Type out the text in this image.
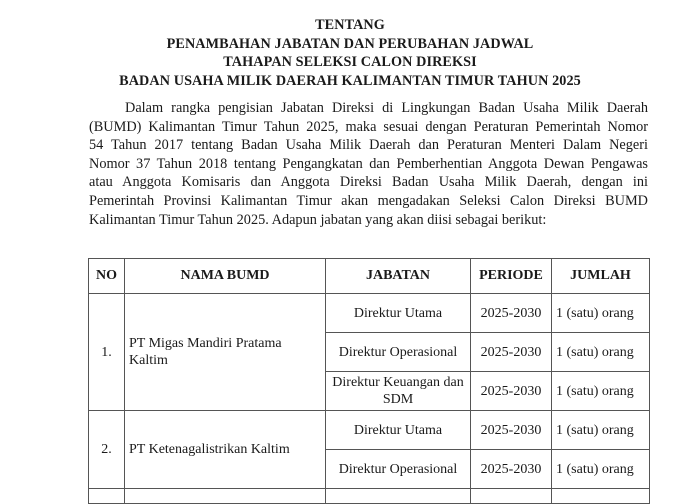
TENTANG
PENAMBAHAN JABATAN DAN PERUBAHAN JADWAL
TAHAPAN SELEKSI CALON DIREKSI
BADAN USAHA MILIK DAERAH KALIMANTAN TIMUR TAHUN 2025
Dalam rangka pengisian Jabatan Direksi di Lingkungan Badan Usaha Milik Daerah
(BUMD) Kalimantan Timur Tahun 2025, maka sesuai dengan Peraturan Pemerintah Nomor
54 Tahun 2017 tentang Badan Usaha Milik Daerah dan Peraturan Menteri Dalam Negeri
Nomor 37 Tahun 2018 tentang Pengangkatan dan Pemberhentian Anggota Dewan Pengawas
atau Anggota Komisaris dan Anggota Direksi Badan Usaha Milik Daerah, dengan ini
Pemerintah Provinsi Kalimantan Timur akan mengadakan Seleksi Calon Direksi BUMD
Kalimantan Timur Tahun 2025. Adapun jabatan yang akan diisi sebagai berikut:
NO	NAMA BUMD	JABATAN	PERIODE	JUMLAH
1.	PT Migas Mandiri Pratama Kaltim	Direktur Utama	2025-2030	1 (satu) orang
		Direktur Operasional	2025-2030	1 (satu) orang
		Direktur Keuangan dan SDM	2025-2030	1 (satu) orang
2.	PT Ketenagalistrikan Kaltim	Direktur Utama	2025-2030	1 (satu) orang
		Direktur Operasional	2025-2030	1 (satu) orang
